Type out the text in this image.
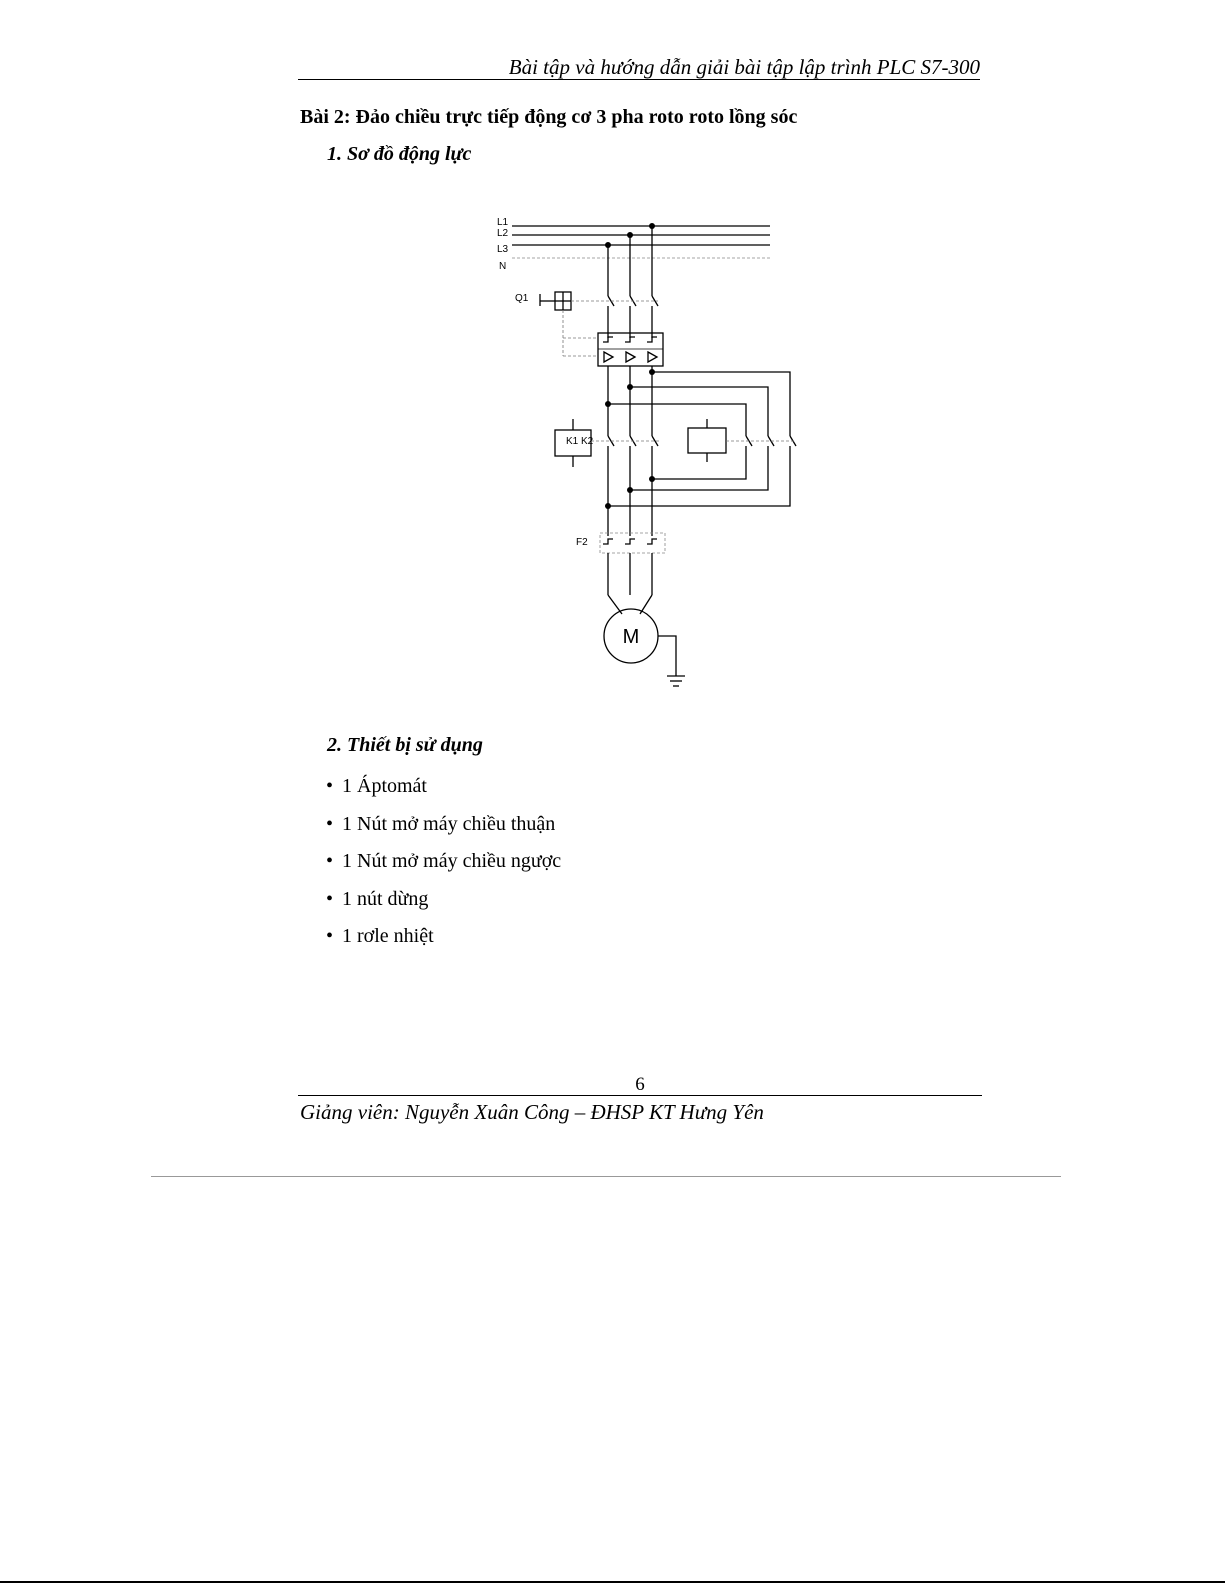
Bài tập và hướng dẫn giải bài tập lập trình PLC S7-300
Bài 2: Đảo chiều trực tiếp động cơ 3 pha roto roto lồng sóc
1. Sơ đồ động lực
L1
L2
L3
N
Q1
K1 K2
F2
M
2. Thiết bị sử dụng
• 1 Áptomát
• 1 Nút mở máy chiều thuận
• 1 Nút mở máy chiều ngược
• 1 nút dừng
• 1 rơle nhiệt
6
Giảng viên: Nguyễn Xuân Công – ĐHSP KT Hưng Yên
